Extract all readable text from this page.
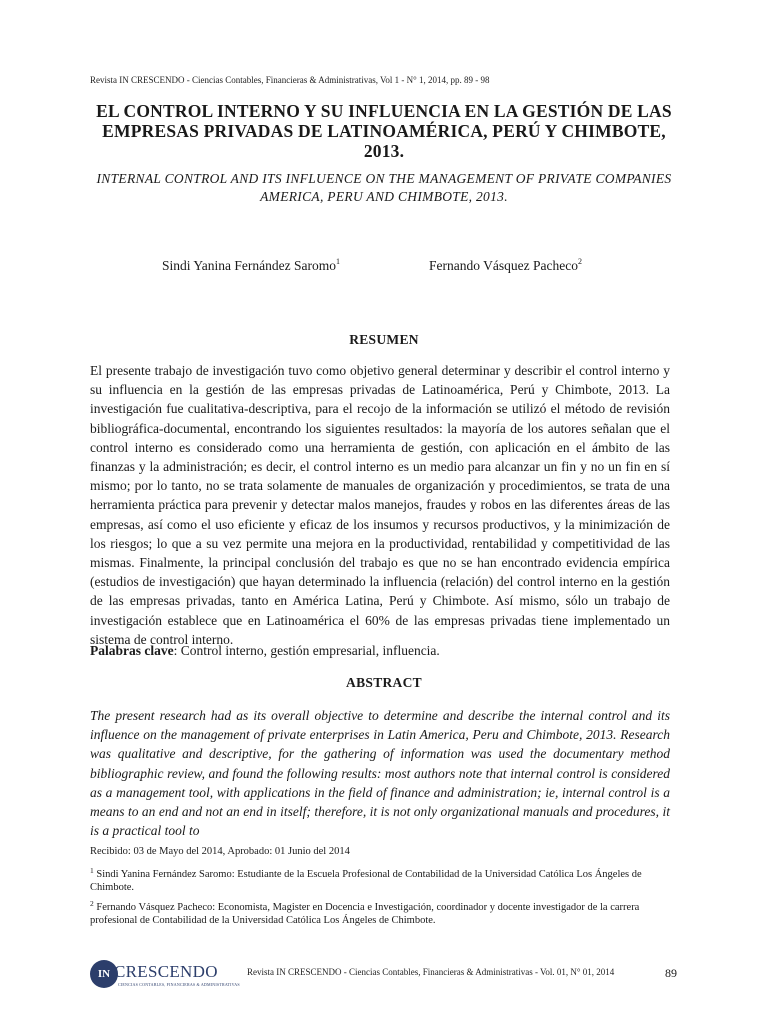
Revista IN CRESCENDO - Ciencias Contables, Financieras & Administrativas, Vol 1 - N° 1, 2014, pp. 89 - 98
EL CONTROL INTERNO Y SU INFLUENCIA EN LA GESTIÓN DE LAS EMPRESAS PRIVADAS DE LATINOAMÉRICA, PERÚ Y CHIMBOTE, 2013.
INTERNAL CONTROL AND ITS INFLUENCE ON THE MANAGEMENT OF PRIVATE COMPANIES AMERICA, PERU AND CHIMBOTE, 2013.
Sindi Yanina Fernández Saromo$^1$	Fernando Vásquez Pacheco$^2$
RESUMEN

El presente trabajo de investigación tuvo como objetivo general determinar y describir el control interno y su influencia en la gestión de las empresas privadas de Latinoamérica, Perú y Chimbote, 2013. La investigación fue cualitativa-descriptiva, para el recojo de la información se utilizó el método de revisión bibliográfica-documental, encontrando los siguientes resultados: la mayoría de los autores señalan que el control interno es considerado como una herramienta de gestión, con aplicación en el ámbito de las finanzas y la administración; es decir, el control interno es un medio para alcanzar un fin y no un fin en sí mismo; por lo tanto, no se trata solamente de manuales de organización y procedimientos, se trata de una herramienta práctica para prevenir y detectar malos manejos, fraudes y robos en las diferentes áreas de las empresas, así como el uso eficiente y eficaz de los insumos y recursos productivos, y la minimización de los riesgos; lo que a su vez permite una mejora en la productividad, rentabilidad y competitividad de las mismas. Finalmente, la principal conclusión del trabajo es que no se han encontrado evidencia empírica (estudios de investigación) que hayan determinado la influencia (relación) del control interno en la gestión de las empresas privadas, tanto en América Latina, Perú y Chimbote. Así mismo, sólo un trabajo de investigación establece que en Latinoamérica el 60% de las empresas privadas tiene implementado un sistema de control interno.

Palabras clave: Control interno, gestión empresarial, influencia.

ABSTRACT

The present research had as its overall objective to determine and describe the internal control and its influence on the management of private enterprises in Latin America, Peru and Chimbote, 2013. Research was qualitative and descriptive, for the gathering of information was used the documentary method bibliographic review, and found the following results: most authors note that internal control is considered as a management tool, with applications in the field of finance and administration; ie, internal control is a means to an end and not an end in itself; therefore, it is not only organizational manuals and procedures, it is a practical tool to

Recibido: 03 de Mayo del 2014, Aprobado: 01 Junio del 2014

$^1$ Sindi Yanina Fernández Saromo: Estudiante de la Escuela Profesional de Contabilidad de la Universidad Católica Los Ángeles de Chimbote.

$^2$ Fernando Vásquez Pacheco: Economista, Magister en Docencia e Investigación, coordinador y docente investigador de la carrera profesional de Contabilidad de la Universidad Católica Los Ángeles de Chimbote.

IN CRESCENDO
CIENCIAS CONTABLES, FINANCIERAS & ADMINISTRATIVAS
Revista IN CRESCENDO - Ciencias Contables, Financieras & Administrativas - Vol. 01, N° 01, 2014	89
